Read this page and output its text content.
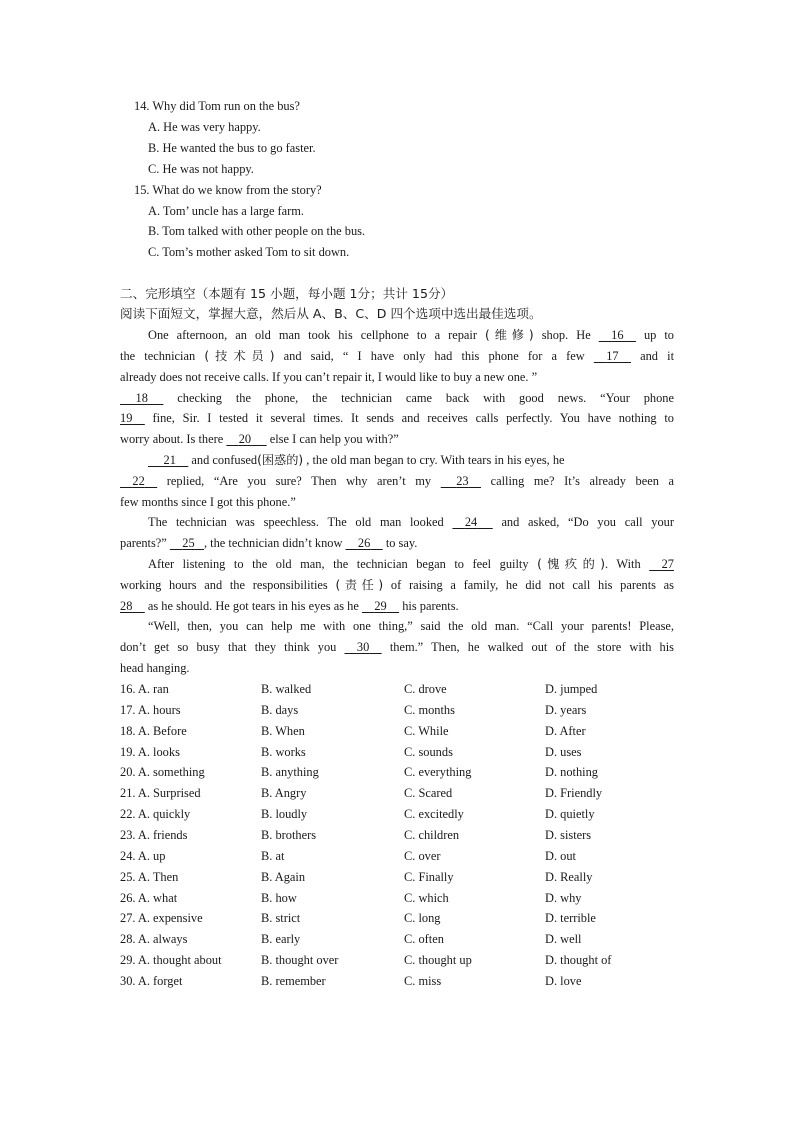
14. Why did Tom run on the bus?
A. He was very happy.
B. He wanted the bus to go faster.
C. He was not happy.
15. What do we know from the story?
A. Tom’ uncle has a large farm.
B. Tom talked with other people on the bus.
C. Tom’s mother asked Tom to sit down.
二、完形填空（本题有 15 小题，每小题 1分；共计 15分）
阅读下面短文，掌握大意，然后从 A、B、C、D 四个选项中选出最佳选项。
One afternoon, an old man took his cellphone to a repair (维修) shop. He 16 up to
the technician (技术员) and said, “ I have only had this phone for a few 17 and it
already does not receive calls. If you can’t repair it, I would like to buy a new one. ”
18 checking the phone, the technician came back with good news. “Your phone
19 fine, Sir. I tested it several times. It sends and receives calls perfectly. You have nothing to
worry about. Is there 20 else I can help you with?”
21 and confused(困惑的) , the old man began to cry. With tears in his eyes, he
22 replied, “Are you sure? Then why aren’t my 23 calling me? It’s already been a
few months since I got this phone.”
The technician was speechless. The old man looked 24 and asked, “Do you call your
parents?” 25 , the technician didn’t know 26 to say.
After listening to the old man, the technician began to feel guilty (愧疚的). With 27
working hours and the responsibilities (责任) of raising a family, he did not call his parents as
28 as he should. He got tears in his eyes as he 29 his parents.
“Well, then, you can help me with one thing,” said the old man. “Call your parents! Please,
don’t get so busy that they think you 30 them.” Then, he walked out of the store with his
head hanging.
16. A. ran	B. walked	C. drove	D. jumped
17. A. hours	B. days	C. months	D. years
18. A. Before	B. When	C. While	D. After
19. A. looks	B. works	C. sounds	D. uses
20. A. something	B. anything	C. everything	D. nothing
21. A. Surprised	B. Angry	C. Scared	D. Friendly
22. A. quickly	B. loudly	C. excitedly	D. quietly
23. A. friends	B. brothers	C. children	D. sisters
24. A. up	B. at	C. over	D. out
25. A. Then	B. Again	C. Finally	D. Really
26. A. what	B. how	C. which	D. why
27. A. expensive	B. strict	C. long	D. terrible
28. A. always	B. early	C. often	D. well
29. A. thought about	B. thought over	C. thought up	D. thought of
30. A. forget	B. remember	C. miss	D. love
